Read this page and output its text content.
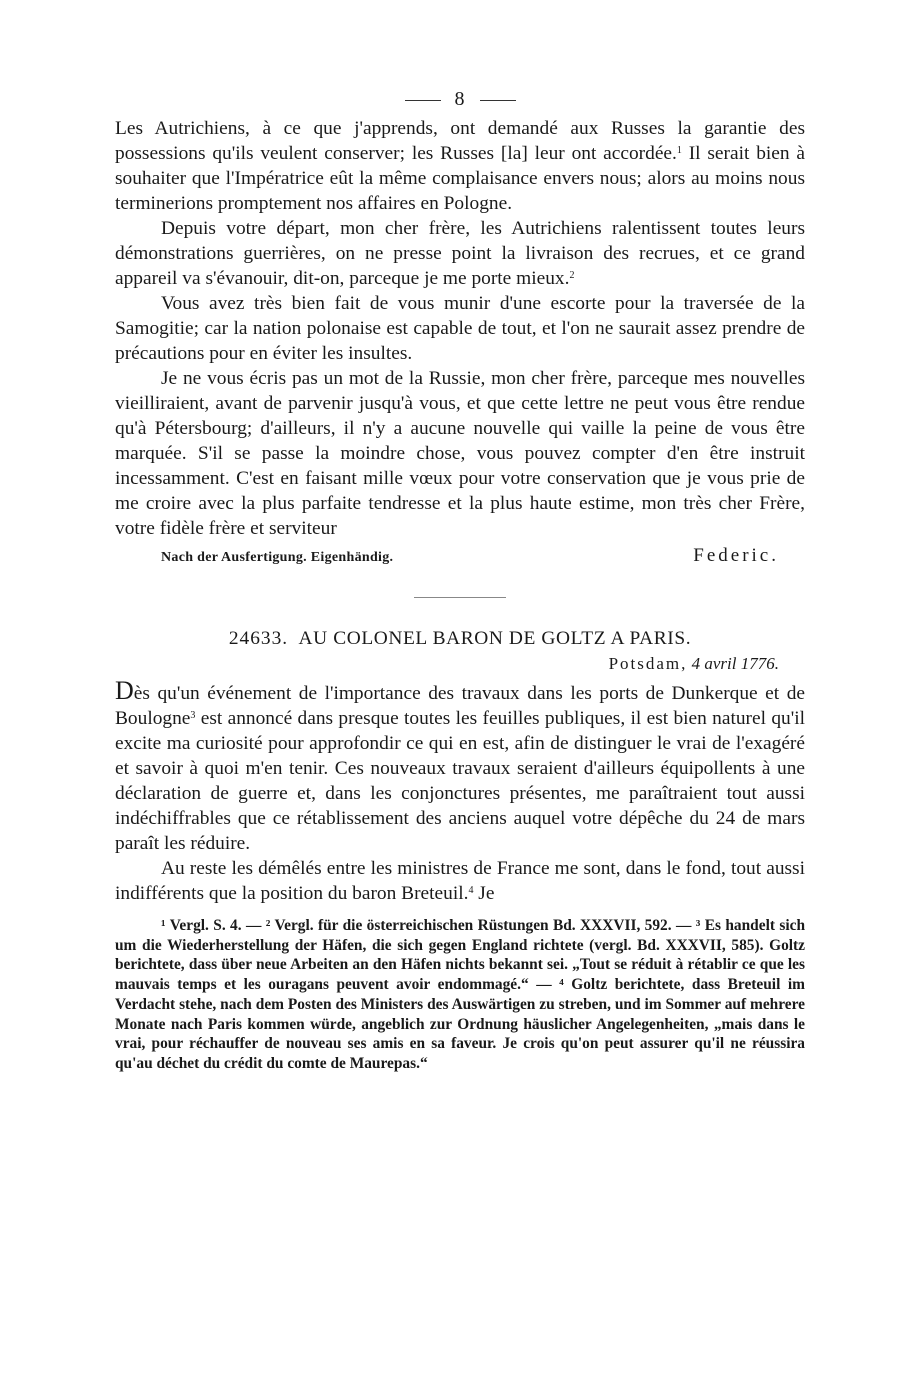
8

Les Autrichiens, à ce que j'apprends, ont demandé aux Russes la garantie des possessions qu'ils veulent conserver; les Russes [la] leur ont accordée.$^1$ Il serait bien à souhaiter que l'Impératrice eût la même complaisance envers nous; alors au moins nous terminerions promptement nos affaires en Pologne.

Depuis votre départ, mon cher frère, les Autrichiens ralentissent toutes leurs démonstrations guerrières, on ne presse point la livraison des recrues, et ce grand appareil va s'évanouir, dit-on, parceque je me porte mieux.$^2$

Vous avez très bien fait de vous munir d'une escorte pour la traversée de la Samogitie; car la nation polonaise est capable de tout, et l'on ne saurait assez prendre de précautions pour en éviter les insultes.

Je ne vous écris pas un mot de la Russie, mon cher frère, parceque mes nouvelles vieilliraient, avant de parvenir jusqu'à vous, et que cette lettre ne peut vous être rendue qu'à Pétersbourg; d'ailleurs, il n'y a aucune nouvelle qui vaille la peine de vous être marquée. S'il se passe la moindre chose, vous pouvez compter d'en être instruit incessamment. C'est en faisant mille vœux pour votre conservation que je vous prie de me croire avec la plus parfaite tendresse et la plus haute estime, mon très cher Frère, votre fidèle frère et serviteur

Nach der Ausfertigung. Eigenhändig.	Federic.
24633. AU COLONEL BARON DE GOLTZ A PARIS.
Potsdam, 4 avril 1776.

Dès qu'un événement de l'importance des travaux dans les ports de Dunkerque et de Boulogne$^3$ est annoncé dans presque toutes les feuilles publiques, il est bien naturel qu'il excite ma curiosité pour approfondir ce qui en est, afin de distinguer le vrai de l'exagéré et savoir à quoi m'en tenir. Ces nouveaux travaux seraient d'ailleurs équipollents à une déclaration de guerre et, dans les conjonctures présentes, me paraîtraient tout aussi indéchiffrables que ce rétablissement des anciens auquel votre dépêche du 24 de mars paraît les réduire.

Au reste les démêlés entre les ministres de France me sont, dans le fond, tout aussi indifférents que la position du baron Breteuil.$^4$ Je

¹ Vergl. S. 4. — ² Vergl. für die österreichischen Rüstungen Bd. XXXVII, 592. — ³ Es handelt sich um die Wiederherstellung der Häfen, die sich gegen England richtete (vergl. Bd. XXXVII, 585). Goltz berichtete, dass über neue Arbeiten an den Häfen nichts bekannt sei. „Tout se réduit à rétablir ce que les mauvais temps et les ouragans peuvent avoir endommagé.“ — ⁴ Goltz berichtete, dass Breteuil im Verdacht stehe, nach dem Posten des Ministers des Auswärtigen zu streben, und im Sommer auf mehrere Monate nach Paris kommen würde, angeblich zur Ordnung häuslicher Angelegenheiten, „mais dans le vrai, pour réchauffer de nouveau ses amis en sa faveur. Je crois qu'on peut assurer qu'il ne réussira qu'au déchet du crédit du comte de Maurepas.“
